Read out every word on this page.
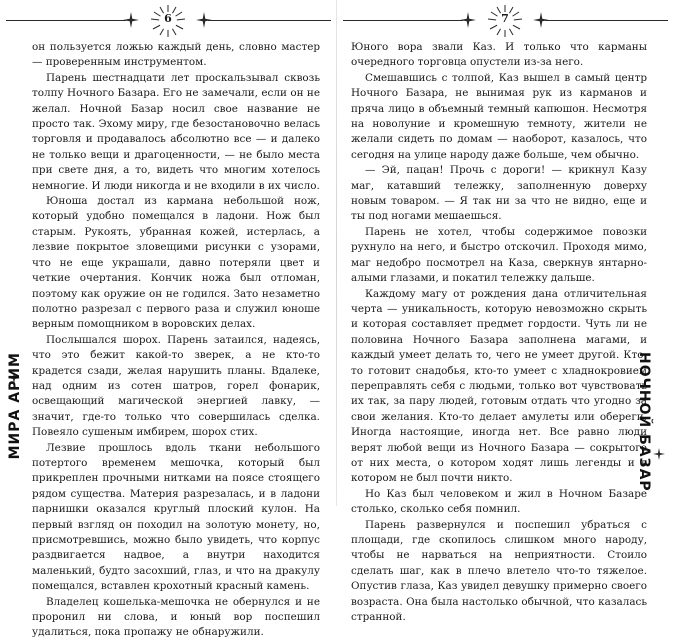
6

он пользуется ложью каждый день, словно мастер — проверенным инструментом.

Парень шестнадцати лет проскальзывал сквозь толпу Ночного Базара. Его не замечали, если он не желал. Ночной Базар носил свое название не просто так. Эхому миру, где безостановочно велась торговля и продавалось абсолютно все — и далеко не только вещи и драгоценности, — не было места при свете дня, а то, видеть что многим хотелось немногие. И люди никогда и не входили в их число.

Юноша достал из кармана небольшой нож, который удобно помещался в ладони. Нож был старым. Рукоять, убранная кожей, истерлась, а лезвие покрытое зловещими рисунки с узорами, что не еще украшали, давно потеряли цвет и четкие очертания. Кончик ножа был отломан, поэтому как оружие он не годился. Зато незаметно полотно разрезал с первого раза и служил юноше верным помощником в воровских делах.

Послышался шорох. Парень затаился, надеясь, что это бежит какой-то зверек, а не кто-то крадется сзади, желая нарушить планы. Вдалеке, над одним из сотен шатров, горел фонарик, освещающий магической энергией лавку, — значит, где-то только что совершилась сделка. Повеяло сушеным имбирем, шорох стих.

Лезвие прошлось вдоль ткани небольшого потертого временем мешочка, который был прикреплен прочными нитками на поясе стоящего рядом существа. Материя разрезалась, и в ладони парнишки оказался круглый плоский кулон. На первый взгляд он походил на золотую монету, но, присмотревшись, можно было увидеть, что корпус раздвигается надвое, а внутри находится маленький, будто засохший, глаз, и что на дракулу помещался, вставлен крохотный красный камень.

Владелец кошелька-мешочка не обернулся и не проронил ни слова, и юный вор поспешил удалиться, пока пропажу не обнаружили.

МИРА АРИМ
7

Юного вора звали Каз. И только что карманы очередного торговца опустели из-за него.

Смешавшись с толпой, Каз вышел в самый центр Ночного Базара, не вынимая рук из карманов и пряча лицо в объемный темный капюшон. Несмотря на новолуние и кромешную темноту, жители не желали сидеть по домам — наоборот, казалось, что сегодня на улице народу даже больше, чем обычно.

— Эй, пацан! Прочь с дороги! — крикнул Казу маг, катавший тележку, заполненную доверху новым товаром. — Я так ни за что не видно, еще и ты под ногами мешаешься.

Парень не хотел, чтобы содержимое повозки рухнуло на него, и быстро отскочил. Проходя мимо, маг недобро посмотрел на Каза, сверкнув янтарно-алыми глазами, и покатил тележку дальше.

Каждому магу от рождения дана отличительная черта — уникальность, которую невозможно скрыть и которая составляет предмет гордости. Чуть ли не половина Ночного Базара заполнена магами, и каждый умеет делать то, чего не умеет другой. Кто-то готовит снадобья, кто-то умеет с хладнокровием переправлять себя с людьми, только вот чувствовать их так, за пару людей, готовым отдать что угодно за свои желания. Кто-то делает амулеты или обереги. Иногда настоящие, иногда нет. Все равно люди верят любой вещи из Ночного Базара — сокрытого от них места, о котором ходят лишь легенды и в котором не был почти никто.

Но Каз был человеком и жил в Ночном Базаре столько, сколько себя помнил.

Парень развернулся и поспешил убраться с площади, где скопилось слишком много народу, чтобы не нарваться на неприятности. Стоило сделать шаг, как в плечо влетело что-то тяжелое. Опустив глаза, Каз увидел девушку примерно своего возраста. Она была настолько обычной, что казалась странной.

НОЧНОЙ БАЗАР
